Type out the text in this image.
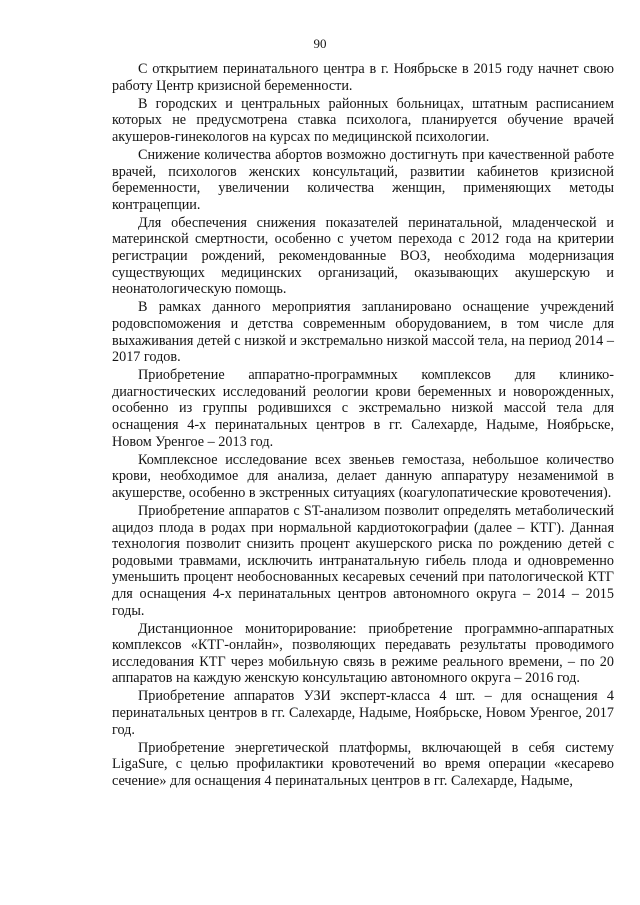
90

С открытием перинатального центра в г. Ноябрьске в 2015 году начнет свою работу Центр кризисной беременности.

В городских и центральных районных больницах, штатным расписанием которых не предусмотрена ставка психолога, планируется обучение врачей акушеров-гинекологов на курсах по медицинской психологии.

Снижение количества абортов возможно достигнуть при качественной работе врачей, психологов женских консультаций, развитии кабинетов кризисной беременности, увеличении количества женщин, применяющих методы контрацепции.

Для обеспечения снижения показателей перинатальной, младенческой и материнской смертности, особенно с учетом перехода с 2012 года на критерии регистрации рождений, рекомендованные ВОЗ, необходима модернизация существующих медицинских организаций, оказывающих акушерскую и неонатологическую помощь.

В рамках данного мероприятия запланировано оснащение учреждений родовспоможения и детства современным оборудованием, в том числе для выхаживания детей с низкой и экстремально низкой массой тела, на период 2014 – 2017 годов.

Приобретение аппаратно-программных комплексов для клинико-диагностических исследований реологии крови беременных и новорожденных, особенно из группы родившихся с экстремально низкой массой тела для оснащения 4-х перинатальных центров в гг. Салехарде, Надыме, Ноябрьске, Новом Уренгое – 2013 год.

Комплексное исследование всех звеньев гемостаза, небольшое количество крови, необходимое для анализа, делает данную аппаратуру незаменимой в акушерстве, особенно в экстренных ситуациях (коагулопатические кровотечения).

Приобретение аппаратов с ST-анализом позволит определять метаболический ацидоз плода в родах при нормальной кардиотокографии (далее – КТГ). Данная технология позволит снизить процент акушерского риска по рождению детей с родовыми травмами, исключить интранатальную гибель плода и одновременно уменьшить процент необоснованных кесаревых сечений при патологической КТГ для оснащения 4-х перинатальных центров автономного округа – 2014 – 2015 годы.

Дистанционное мониторирование: приобретение программно-аппаратных комплексов «КТГ-онлайн», позволяющих передавать результаты проводимого исследования КТГ через мобильную связь в режиме реального времени, – по 20 аппаратов на каждую женскую консультацию автономного округа – 2016 год.

Приобретение аппаратов УЗИ эксперт-класса 4 шт. – для оснащения 4 перинатальных центров в гг. Салехарде, Надыме, Ноябрьске, Новом Уренгое, 2017 год.

Приобретение энергетической платформы, включающей в себя систему LigaSure, с целью профилактики кровотечений во время операции «кесарево сечение» для оснащения 4 перинатальных центров в гг. Салехарде, Надыме,
